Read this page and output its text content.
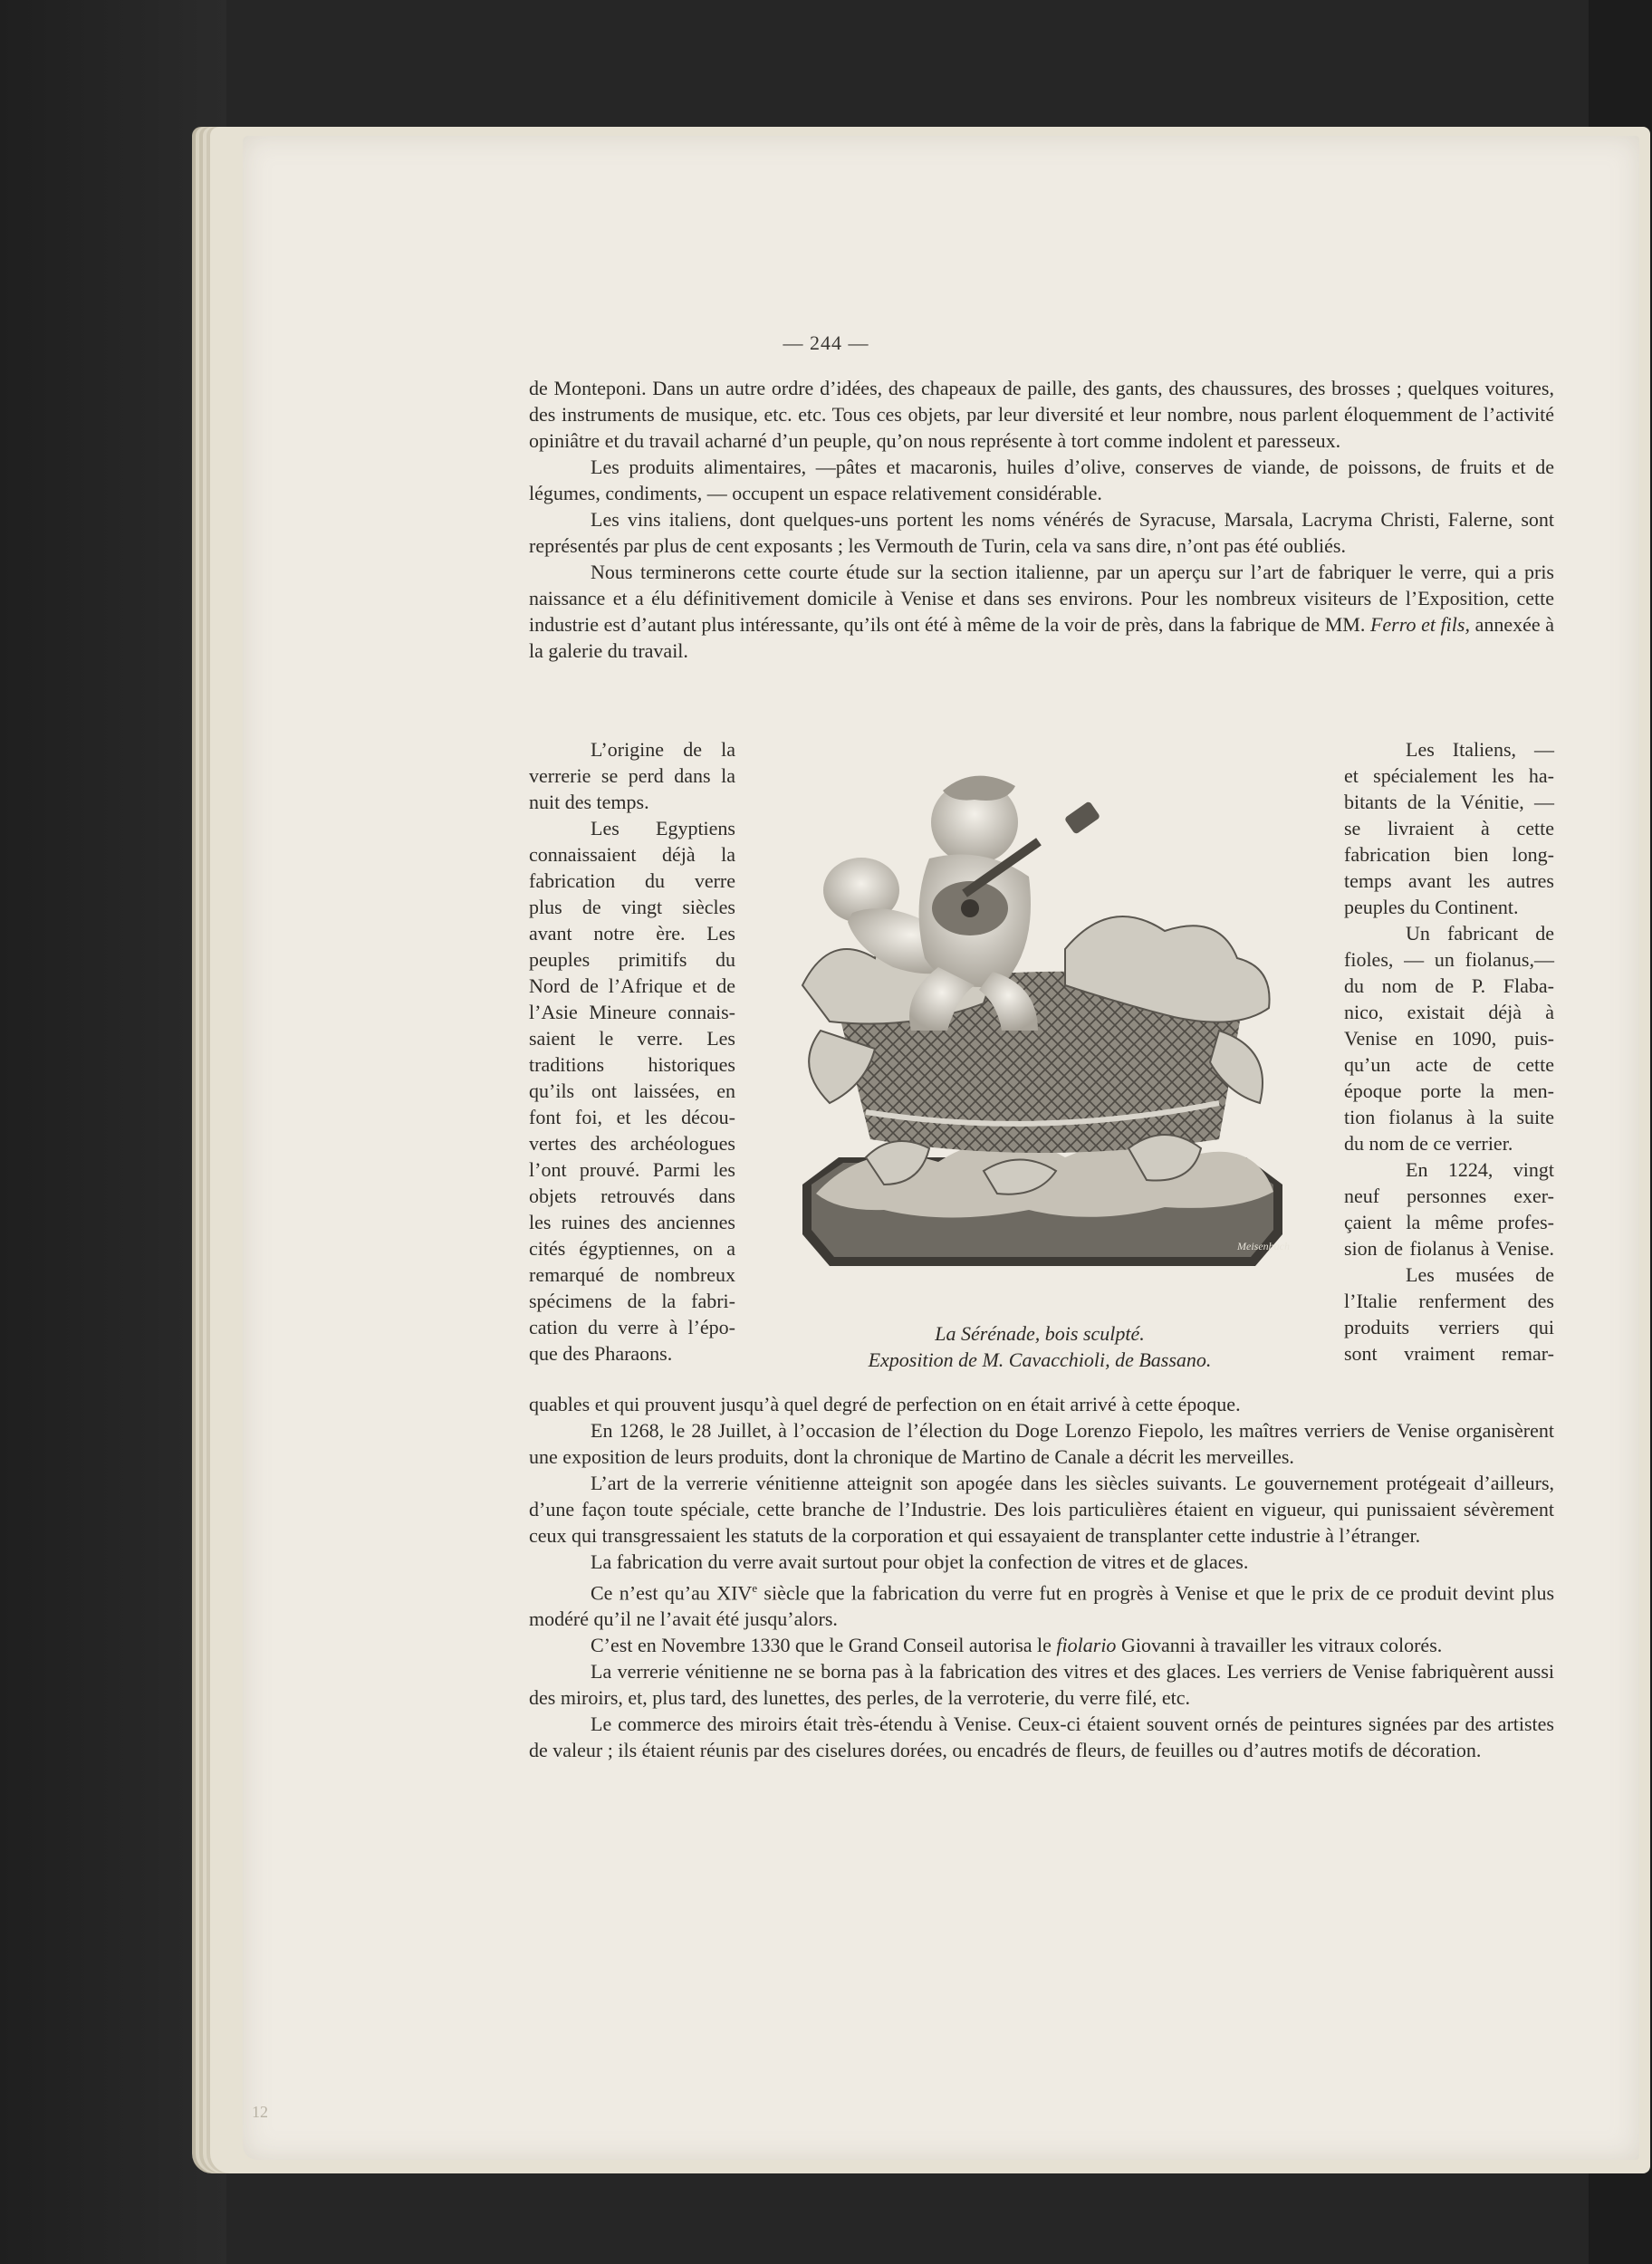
12
— 244 —

de Monteponi. Dans un autre ordre d’idées, des chapeaux de paille, des gants, des chaussures, des brosses ; quelques voitures, des instruments de musique, etc. etc. Tous ces objets, par leur diversité et leur nombre, nous parlent éloquemment de l’activité opiniâtre et du travail acharné d’un peuple, qu’on nous représente à tort comme indolent et paresseux.

Les produits alimentaires, —pâtes et macaronis, huiles d’olive, conserves de viande, de poissons, de fruits et de légumes, condiments, — occupent un espace relativement considérable.

Les vins italiens, dont quelques-uns portent les noms vénérés de Syracuse, Marsala, Lacryma Christi, Falerne, sont représentés par plus de cent exposants ; les Vermouth de Turin, cela va sans dire, n’ont pas été oubliés.

Nous terminerons cette courte étude sur la section italienne, par un aperçu sur l’art de fabriquer le verre, qui a pris naissance et a élu définitivement domicile à Venise et dans ses environs. Pour les nombreux visiteurs de l’Exposition, cette industrie est d’autant plus intéressante, qu’ils ont été à même de la voir de près, dans la fabrique de MM. Ferro et fils, annexée à la galerie du travail.

L’origine de la
verrerie se perd dans la
nuit des temps.
Les Egyptiens
connaissaient déjà la
fabrication du verre
plus de vingt siècles
avant notre ère. Les
peuples primitifs du
Nord de l’Afrique et de
l’Asie Mineure connais-
saient le verre. Les
traditions historiques
qu’ils ont laissées, en
font foi, et les décou-
vertes des archéologues
l’ont prouvé. Parmi les
objets retrouvés dans
les ruines des anciennes
cités égyptiennes, on a
remarqué de nombreux
spécimens de la fabri-
cation du verre à l’épo-
que des Pharaons.
Les Italiens, —
et spécialement les ha-
bitants de la Vénitie, —
se livraient à cette
fabrication bien long-
temps avant les autres
peuples du Continent.
Un fabricant de
fioles, — un fiolanus,—
du nom de P. Flaba-
nico, existait déjà à
Venise en 1090, puis-
qu’un acte de cette
époque porte la men-
tion fiolanus à la suite
du nom de ce verrier.
En 1224, vingt
neuf personnes exer-
çaient la même profes-
sion de fiolanus à Venise.
Les musées de
l’Italie renferment des
produits verriers qui
sont vraiment remar-
Meisenbach
La Sérénade, bois sculpté.
Exposition de M. Cavacchioli, de Bassano.

quables et qui prouvent jusqu’à quel degré de perfection on en était arrivé à cette époque.

En 1268, le 28 Juillet, à l’occasion de l’élection du Doge Lorenzo Fiepolo, les maîtres verriers de Venise organisèrent une exposition de leurs produits, dont la chronique de Martino de Canale a décrit les merveilles.

L’art de la verrerie vénitienne atteignit son apogée dans les siècles suivants. Le gouvernement protégeait d’ailleurs, d’une façon toute spéciale, cette branche de l’Industrie. Des lois particulières étaient en vigueur, qui punissaient sévèrement ceux qui transgressaient les statuts de la corporation et qui essayaient de transplanter cette industrie à l’étranger.

La fabrication du verre avait surtout pour objet la confection de vitres et de glaces.

Ce n’est qu’au XIVe siècle que la fabrication du verre fut en progrès à Venise et que le prix de ce produit devint plus modéré qu’il ne l’avait été jusqu’alors.

C’est en Novembre 1330 que le Grand Conseil autorisa le fiolario Giovanni à travailler les vitraux colorés.

La verrerie vénitienne ne se borna pas à la fabrication des vitres et des glaces. Les verriers de Venise fabriquèrent aussi des miroirs, et, plus tard, des lunettes, des perles, de la verroterie, du verre filé, etc.

Le commerce des miroirs était très-étendu à Venise. Ceux-ci étaient souvent ornés de peintures signées par des artistes de valeur ; ils étaient réunis par des ciselures dorées, ou encadrés de fleurs, de feuilles ou d’autres motifs de décoration.
